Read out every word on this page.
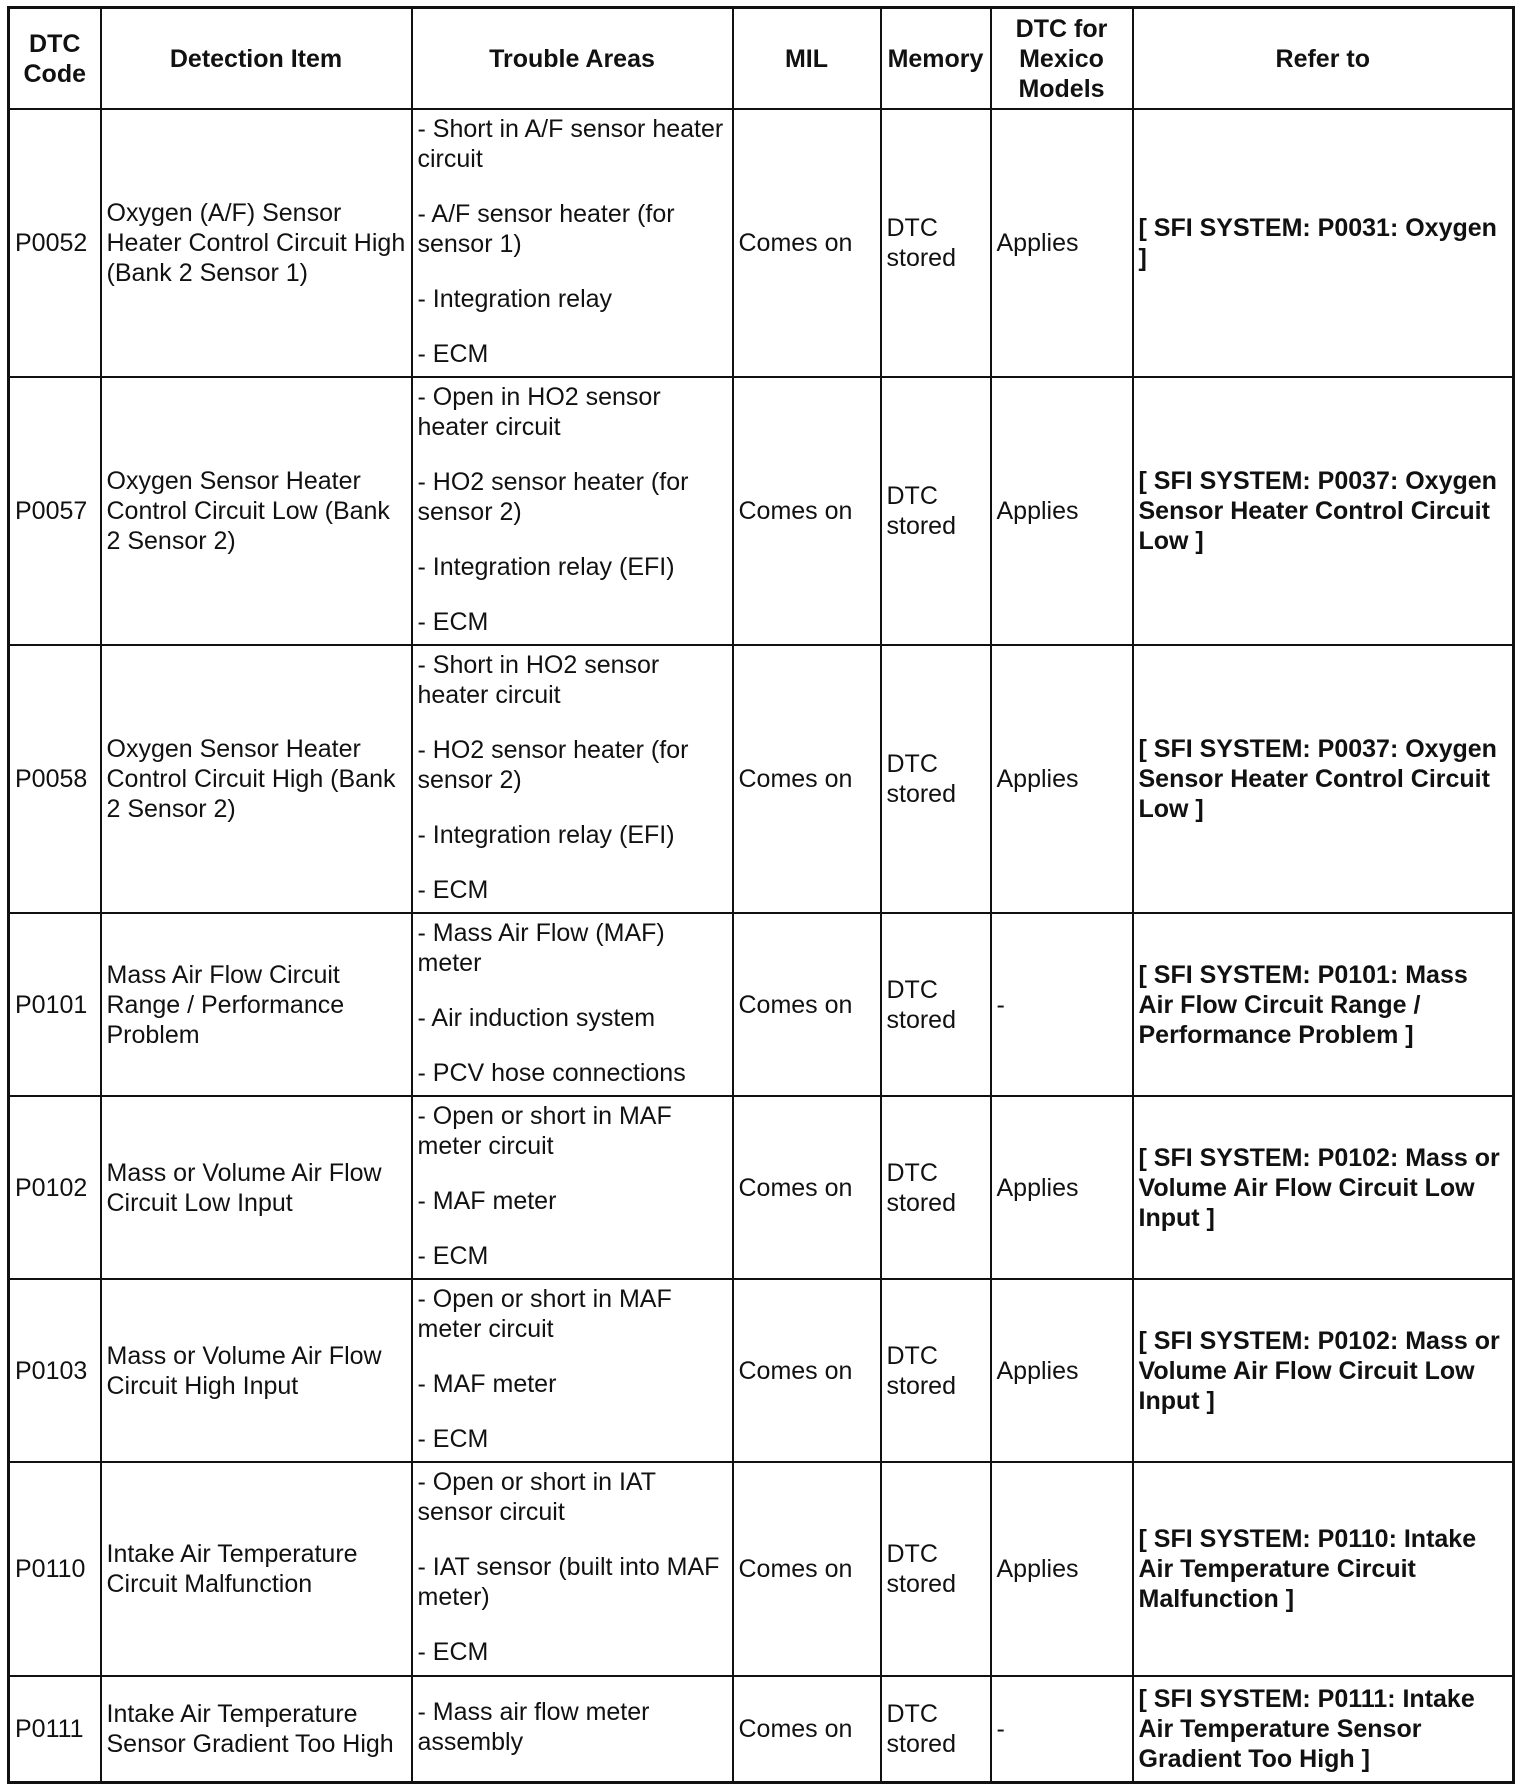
DTC Code	Detection Item	Trouble Areas	MIL	Memory	DTC for Mexico Models	Refer to
P0052	Oxygen (A/F) Sensor Heater Control Circuit High (Bank 2 Sensor 1)	- Short in A/F sensor heater circuit
- A/F sensor heater (for sensor 1)
- Integration relay
- ECM	Comes on	DTC
stored	Applies	[ SFI SYSTEM: P0031: Oxygen ]
P0057	Oxygen Sensor Heater Control Circuit Low (Bank 2 Sensor 2)	- Open in HO2 sensor heater circuit
- HO2 sensor heater (for sensor 2)
- Integration relay (EFI)
- ECM	Comes on	DTC
stored	Applies	[ SFI SYSTEM: P0037: Oxygen Sensor Heater Control Circuit Low ]
P0058	Oxygen Sensor Heater Control Circuit High (Bank 2 Sensor 2)	- Short in HO2 sensor heater circuit
- HO2 sensor heater (for sensor 2)
- Integration relay (EFI)
- ECM	Comes on	DTC
stored	Applies	[ SFI SYSTEM: P0037: Oxygen Sensor Heater Control Circuit Low ]
P0101	Mass Air Flow Circuit Range / Performance Problem	- Mass Air Flow (MAF) meter
- Air induction system
- PCV hose connections	Comes on	DTC
stored	-	[ SFI SYSTEM: P0101: Mass Air Flow Circuit Range / Performance Problem ]
P0102	Mass or Volume Air Flow Circuit Low Input	- Open or short in MAF meter circuit
- MAF meter
- ECM	Comes on	DTC
stored	Applies	[ SFI SYSTEM: P0102: Mass or Volume Air Flow Circuit Low Input ]
P0103	Mass or Volume Air Flow Circuit High Input	- Open or short in MAF meter circuit
- MAF meter
- ECM	Comes on	DTC
stored	Applies	[ SFI SYSTEM: P0102: Mass or Volume Air Flow Circuit Low Input ]
P0110	Intake Air Temperature Circuit Malfunction	- Open or short in IAT sensor circuit
- IAT sensor (built into MAF meter)
- ECM	Comes on	DTC
stored	Applies	[ SFI SYSTEM: P0110: Intake Air Temperature Circuit Malfunction ]
P0111	Intake Air Temperature Sensor Gradient Too High	- Mass air flow meter assembly	Comes on	DTC
stored	-	[ SFI SYSTEM: P0111: Intake Air Temperature Sensor Gradient Too High ]
